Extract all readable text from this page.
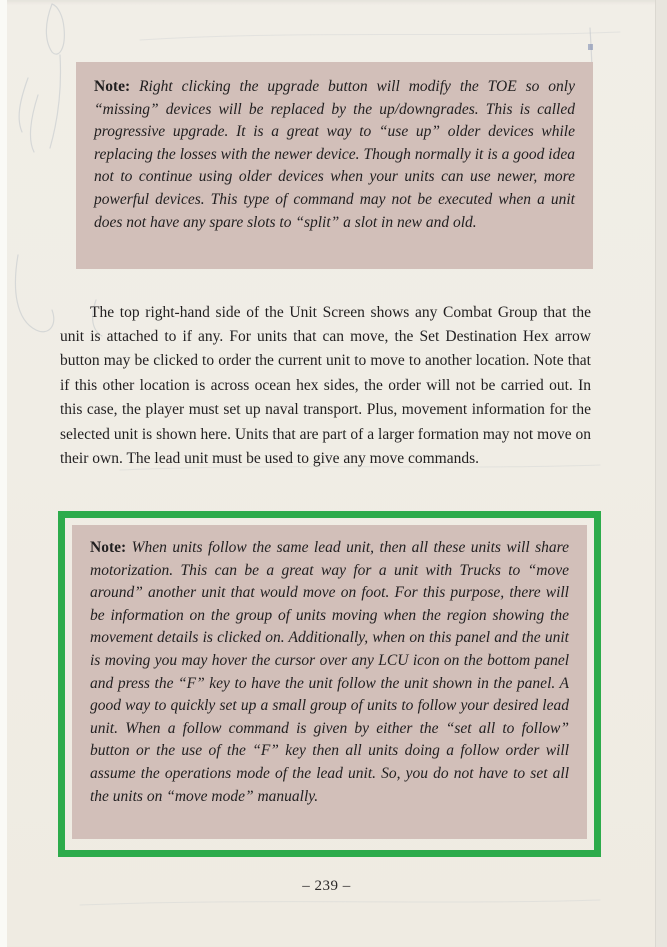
Note: Right clicking the upgrade button will modify the TOE so only “missing” devices will be replaced by the up/downgrades. This is called progressive upgrade. It is a great way to “use up” older devices while replacing the losses with the newer device. Though normally it is a good idea not to continue using older devices when your units can use newer, more powerful devices. This type of command may not be executed when a unit does not have any spare slots to “split” a slot in new and old.

The top right-hand side of the Unit Screen shows any Combat Group that the unit is attached to if any. For units that can move, the Set Destination Hex arrow button may be clicked to order the current unit to move to another location. Note that if this other location is across ocean hex sides, the order will not be carried out. In this case, the player must set up naval transport. Plus, movement information for the selected unit is shown here. Units that are part of a larger formation may not move on their own. The lead unit must be used to give any move commands.

Note: When units follow the same lead unit, then all these units will share motorization. This can be a great way for a unit with Trucks to “move around” another unit that would move on foot. For this purpose, there will be information on the group of units moving when the region showing the movement details is clicked on. Additionally, when on this panel and the unit is moving you may hover the cursor over any LCU icon on the bottom panel and press the “F” key to have the unit follow the unit shown in the panel. A good way to quickly set up a small group of units to follow your desired lead unit. When a follow command is given by either the “set all to follow” button or the use of the “F” key then all units doing a follow order will assume the operations mode of the lead unit. So, you do not have to set all the units on “move mode” manually.
– 239 –
